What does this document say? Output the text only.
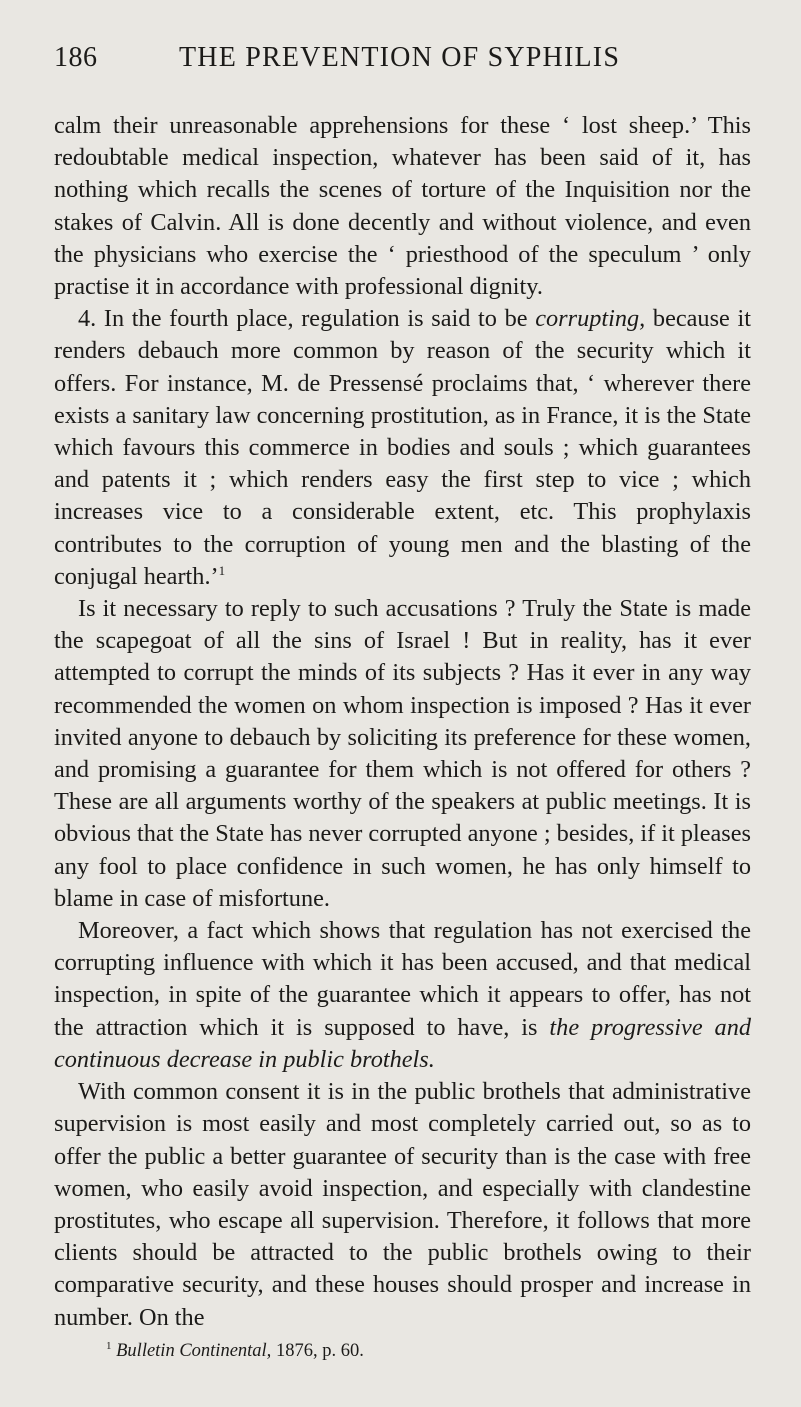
186	THE PREVENTION OF SYPHILIS

calm their unreasonable apprehensions for these ‘ lost sheep.’ This redoubtable medical inspection, whatever has been said of it, has nothing which recalls the scenes of torture of the Inquisition nor the stakes of Calvin. All is done decently and without violence, and even the physicians who exercise the ‘ priesthood of the speculum ’ only practise it in accordance with professional dignity.

4. In the fourth place, regulation is said to be corrupting, because it renders debauch more common by reason of the security which it offers. For instance, M. de Pressensé proclaims that, ‘ wherever there exists a sanitary law concerning prostitution, as in France, it is the State which favours this commerce in bodies and souls ; which guarantees and patents it ; which renders easy the first step to vice ; which increases vice to a considerable extent, etc. This prophylaxis contributes to the corruption of young men and the blasting of the conjugal hearth.’$^1$

Is it necessary to reply to such accusations ? Truly the State is made the scapegoat of all the sins of Israel ! But in reality, has it ever attempted to corrupt the minds of its subjects ? Has it ever in any way recommended the women on whom inspection is imposed ? Has it ever invited anyone to debauch by soliciting its preference for these women, and promising a guarantee for them which is not offered for others ? These are all arguments worthy of the speakers at public meetings. It is obvious that the State has never corrupted anyone ; besides, if it pleases any fool to place confidence in such women, he has only himself to blame in case of misfortune.

Moreover, a fact which shows that regulation has not exercised the corrupting influence with which it has been accused, and that medical inspection, in spite of the guarantee which it appears to offer, has not the attraction which it is supposed to have, is the progressive and continuous decrease in public brothels.

With common consent it is in the public brothels that administrative supervision is most easily and most completely carried out, so as to offer the public a better guarantee of security than is the case with free women, who easily avoid inspection, and especially with clandestine prostitutes, who escape all supervision. Therefore, it follows that more clients should be attracted to the public brothels owing to their comparative security, and these houses should prosper and increase in number. On the

$^1$ Bulletin Continental, 1876, p. 60.
